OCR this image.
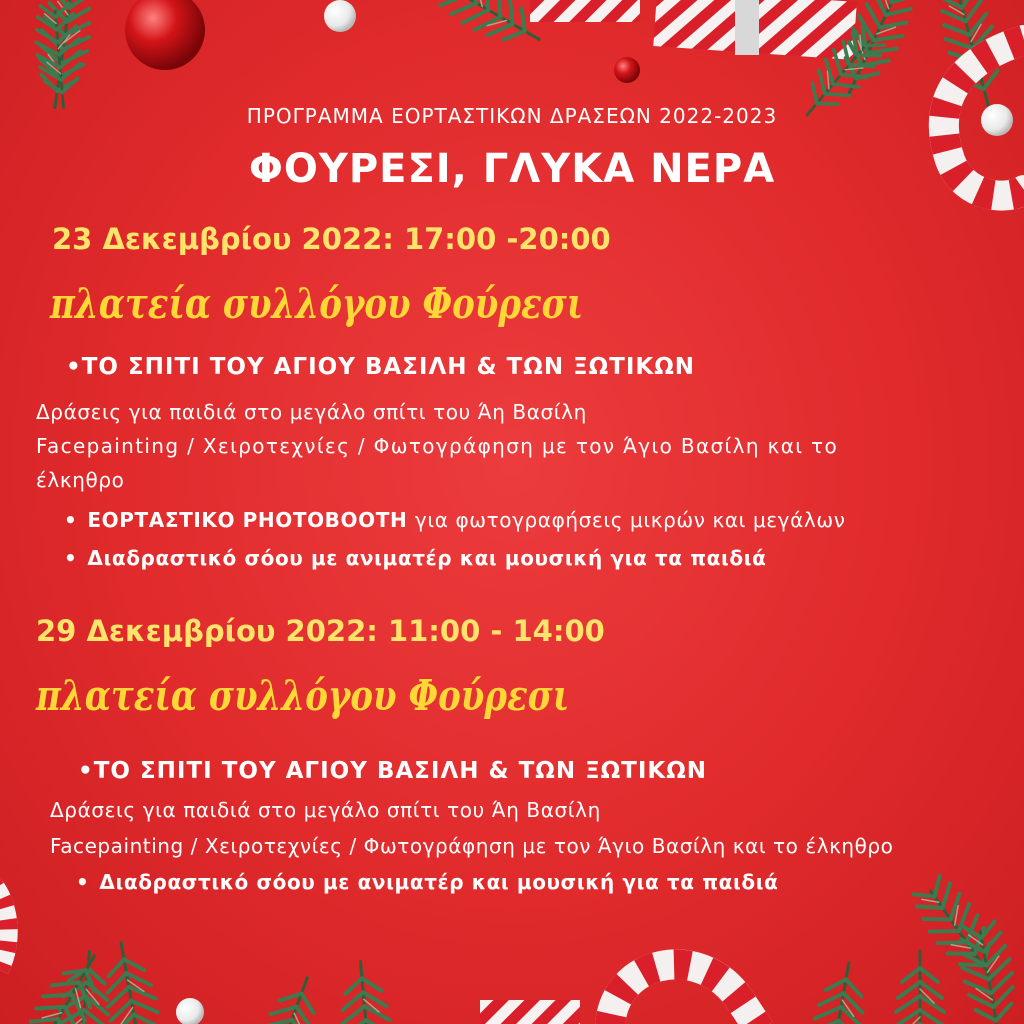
ΠΡΟΓΡΑΜΜΑ ΕΟΡΤΑΣΤΙΚΩΝ ΔΡΑΣΕΩΝ 2022-2023
ΦΟΥΡΕΣΙ, ΓΛΥΚΑ ΝΕΡΑ
23 Δεκεμβρίου 2022: 17:00 -20:00
πλατεία συλλόγου Φούρεσι
•ΤΟ ΣΠΙΤΙ ΤΟΥ ΑΓΙΟΥ ΒΑΣΙΛΗ & ΤΩΝ ΞΩΤΙΚΩΝ
Δράσεις για παιδιά στο μεγάλο σπίτι του Άη Βασίλη
Facepainting / Χειροτεχνίες / Φωτογράφηση με τον Άγιο Βασίλη και το
έλκηθρο
• ΕΟΡΤΑΣΤΙΚΟ PHOTOBOOTH για φωτογραφήσεις μικρών και μεγάλων
• Διαδραστικό σόου με ανιματέρ και μουσική για τα παιδιά
29 Δεκεμβρίου 2022: 11:00 - 14:00
πλατεία συλλόγου Φούρεσι
•ΤΟ ΣΠΙΤΙ ΤΟΥ ΑΓΙΟΥ ΒΑΣΙΛΗ & ΤΩΝ ΞΩΤΙΚΩΝ
Δράσεις για παιδιά στο μεγάλο σπίτι του Άη Βασίλη
Facepainting / Χειροτεχνίες / Φωτογράφηση με τον Άγιο Βασίλη και το έλκηθρο
• Διαδραστικό σόου με ανιματέρ και μουσική για τα παιδιά
